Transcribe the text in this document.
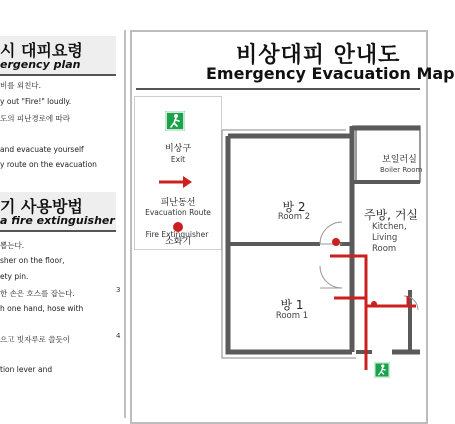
시 대피요령
ergency plan
비를 외친다.
y out "Fire!" loudly.
도의 피난경로에 따라
and evacuate yourself
y route on the evacuation
기 사용방법
a fire extinguisher
뽑는다.
sher on the floor,
ety pin.
한 손은 호스를 잡는다.
h one hand, hose with
으고 빗자루로 쓸듯이
tion lever and
3
4
비상대피 안내도
Emergency Evacuation Map
비상구
Exit
피난동선
Evacuation Route
소화기
Fire Extinguisher
방 2
Room 2
방 1
Room 1
주방, 거실
Kitchen, Living Room
보일러실
Boiler Room
